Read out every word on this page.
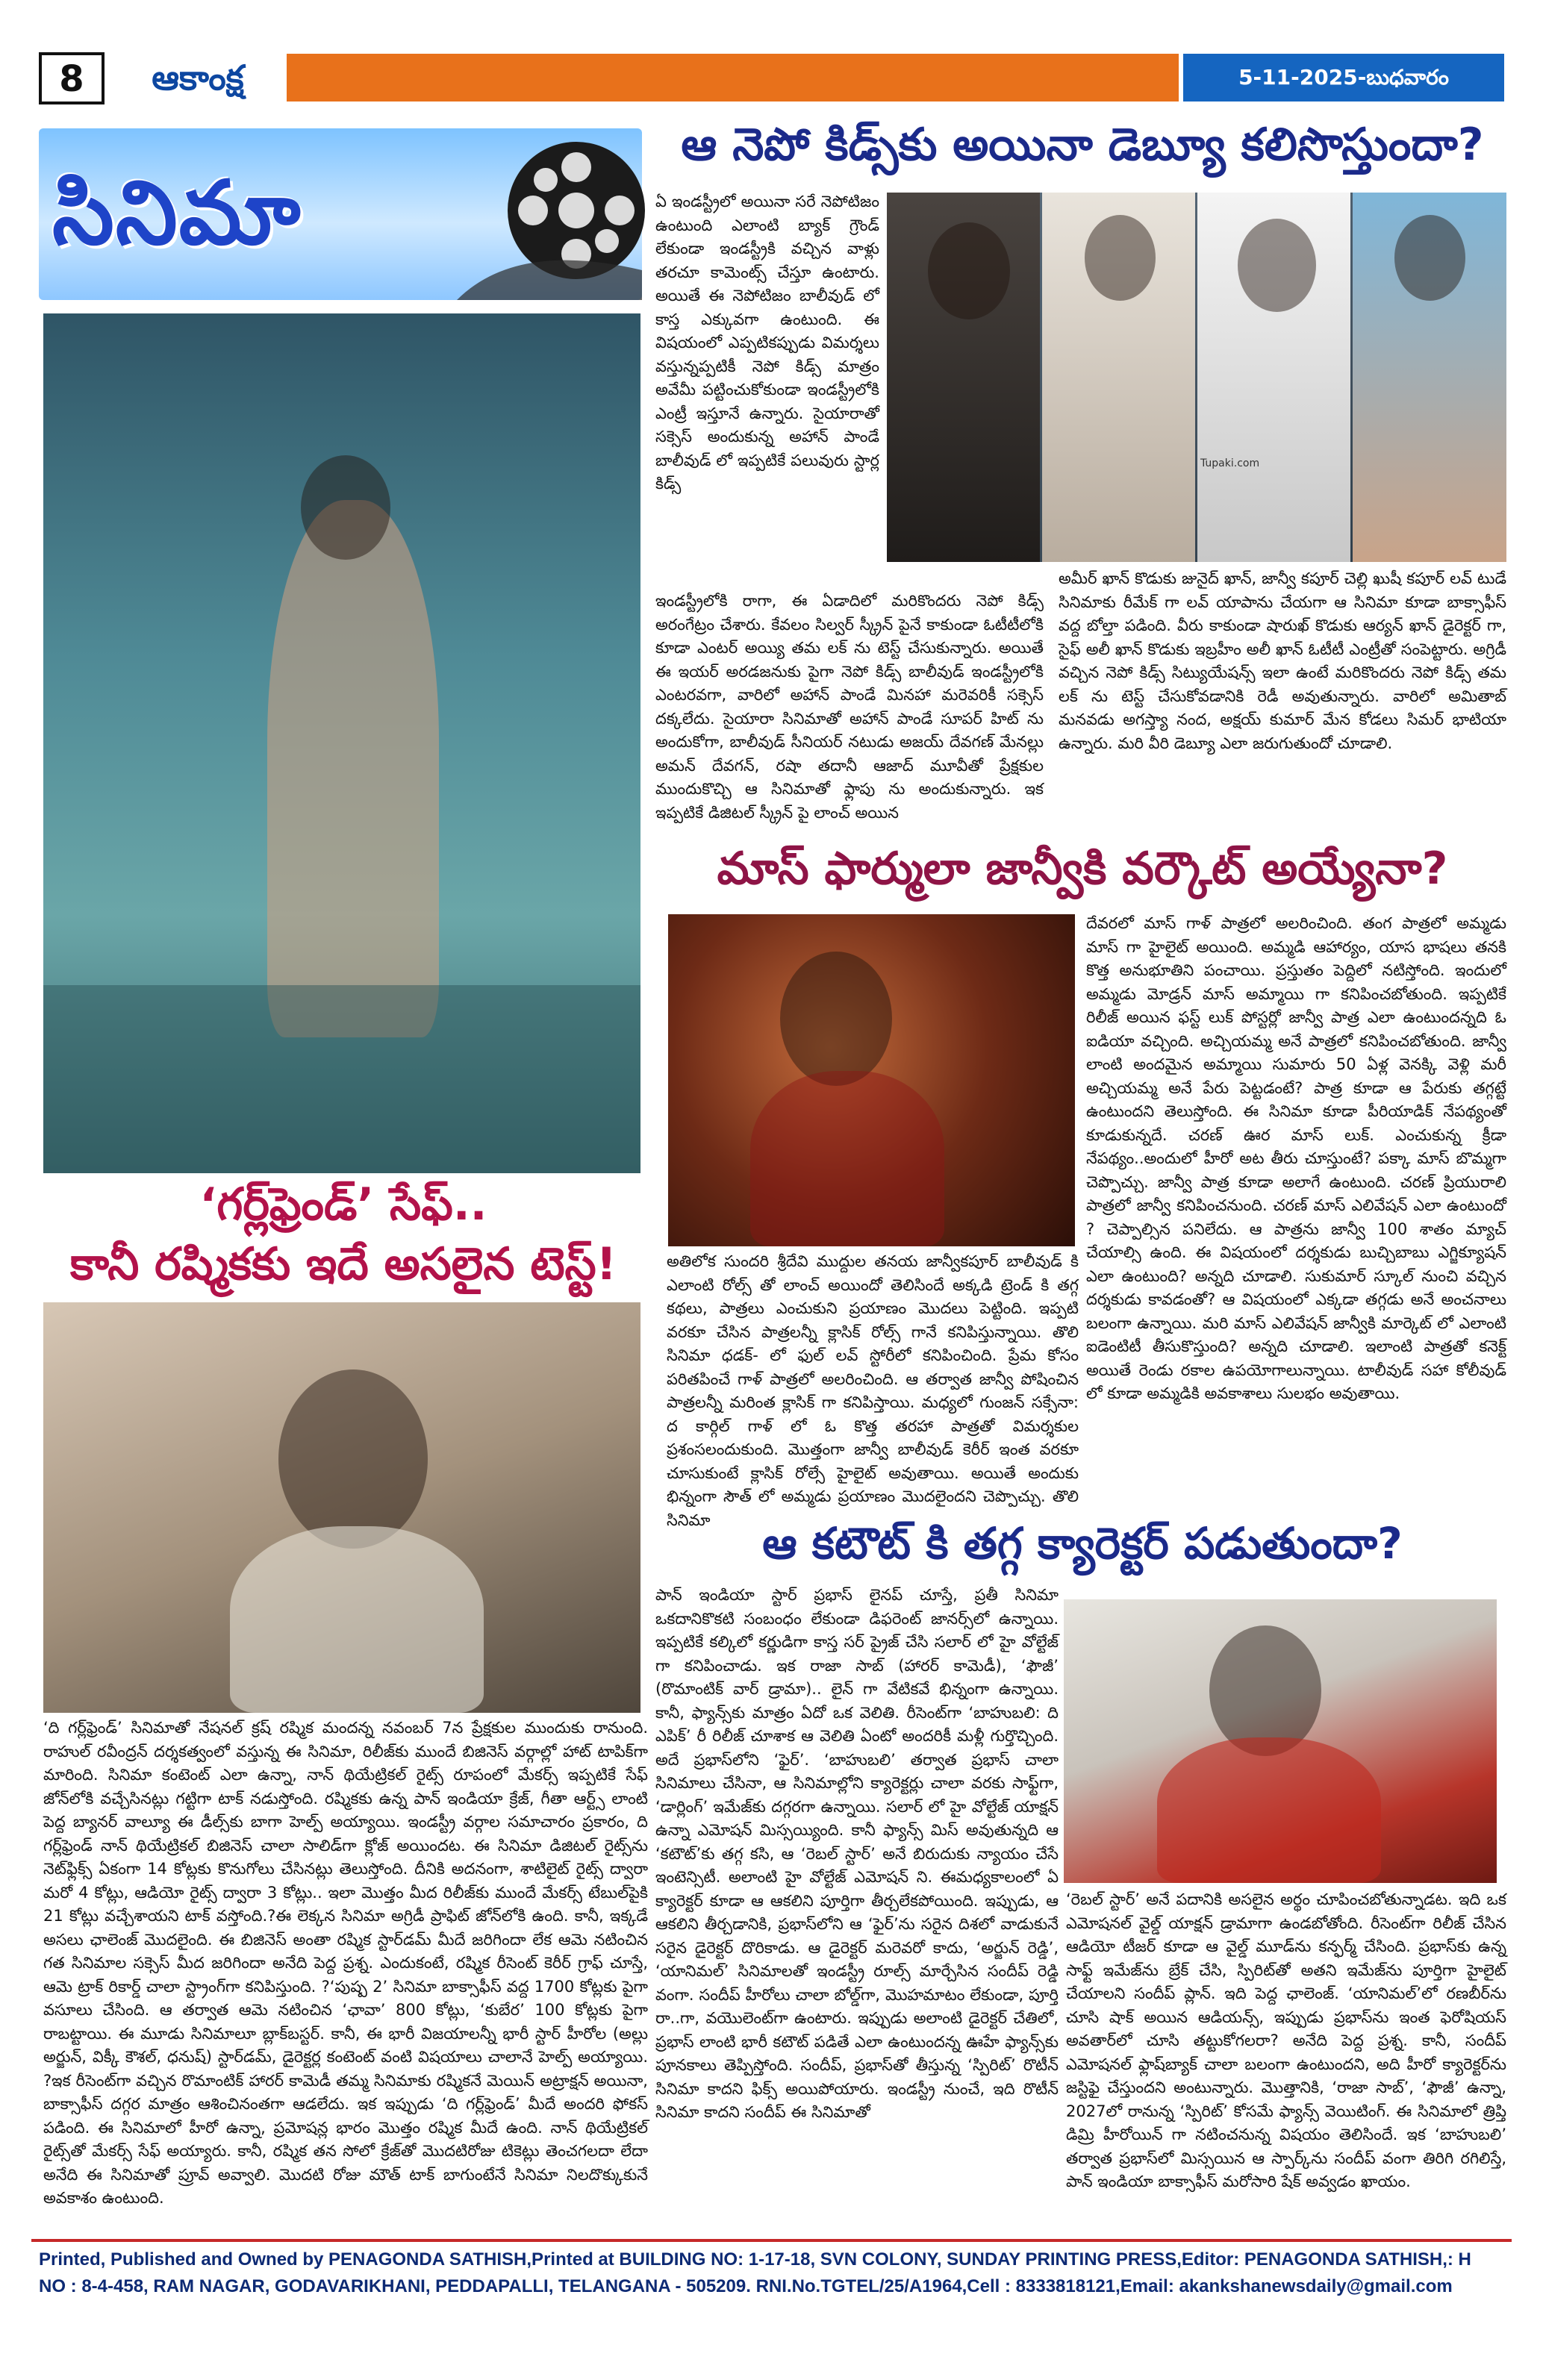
8	ఆకాంక్ష	5-11-2025-బుధవారం
సినిమా
ఆ నెపో కిడ్స్‌కు అయినా డెబ్యూ కలిసొస్తుందా?
ఏ ఇండస్ట్రీలో అయినా సరే నెపోటిజం ఉంటుంది ఎలాంటి బ్యాక్ గ్రౌండ్ లేకుండా ఇండస్ట్రీకి వచ్చిన వాళ్లు తరచూ కామెంట్స్ చేస్తూ ఉంటారు. అయితే ఈ నెపోటిజం బాలీవుడ్ లో కాస్త ఎక్కువగా ఉంటుంది. ఈ విషయంలో ఎప్పటికప్పుడు విమర్శలు వస్తున్నప్పటికీ నెపో కిడ్స్ మాత్రం అవేమీ పట్టించుకోకుండా ఇండస్ట్రీలోకి ఎంట్రీ ఇస్తూనే ఉన్నారు. సైయారాతో సక్సెస్ అందుకున్న అహాన్ పాండే బాలీవుడ్ లో ఇప్పటికే పలువురు స్టార్ల కిడ్స్
Tupaki.com
ఇండస్ట్రీలోకి రాగా, ఈ ఏడాదిలో మరికొందరు నెపో కిడ్స్ అరంగేట్రం చేశారు. కేవలం సిల్వర్ స్క్రీన్ పైనే కాకుండా ఓటీటీలోకి కూడా ఎంటర్ అయ్యి తమ లక్ ను టెస్ట్ చేసుకున్నారు. అయితే ఈ ఇయర్ అరడజనుకు పైగా నెపో కిడ్స్ బాలీవుడ్ ఇండస్ట్రీలోకి ఎంటరవగా, వారిలో అహాన్ పాండే మినహా మరెవరికీ సక్సెస్ దక్కలేదు. సైయారా సినిమాతో అహాన్ పాండే సూపర్ హిట్ ను అందుకోగా, బాలీవుడ్ సీనియర్ నటుడు అజయ్ దేవగణ్ మేనల్లు అమన్ దేవగన్, రషా తదానీ ఆజాద్ మూవీతో ప్రేక్షకుల ముందుకొచ్చి ఆ సినిమాతో ఫ్లాపు ను అందుకున్నారు. ఇక ఇప్పటికే డిజిటల్ స్క్రీన్ పై లాంచ్ అయిన
అమీర్ ఖాన్ కొడుకు జునైద్ ఖాన్, జాన్వీ కపూర్ చెల్లి ఖుషీ కపూర్ లవ్ టుడే సినిమాకు రీమేక్ గా లవ్ యాపాను చేయగా ఆ సినిమా కూడా బాక్సాఫీస్ వద్ద బోల్తా పడింది. వీరు కాకుండా షారుఖ్ కొడుకు ఆర్యన్ ఖాన్ డైరెక్టర్ గా, సైఫ్ అలీ ఖాన్ కొడుకు ఇబ్రహీం అలీ ఖాన్ ఓటీటీ ఎంట్రీతో సంపెట్టారు. అగ్రిడీ వచ్చిన నెపో కిడ్స్ సిట్యుయేషన్స్ ఇలా ఉంటే మరికొందరు నెపో కిడ్స్ తమ లక్ ను టెస్ట్ చేసుకోవడానికి రెడీ అవుతున్నారు. వారిలో అమితాబ్ మనవడు అగస్త్యా నంద, అక్షయ్ కుమార్ మేన కోడలు సిమర్ భాటియా ఉన్నారు. మరి వీరి డెబ్యూ ఎలా జరుగుతుందో చూడాలి.
మాస్ ఫార్ములా జాన్వీకి వర్కౌట్ అయ్యేనా?
అతిలోక సుందరి శ్రీదేవి ముద్దుల తనయ జాన్వీకపూర్ బాలీవుడ్ కి ఎలాంటి రోల్స్ తో లాంచ్ అయిందో తెలిసిందే అక్కడి ట్రెండ్ కి తగ్గ కథలు, పాత్రలు ఎంచుకుని ప్రయాణం మొదలు పెట్టింది. ఇప్పటి వరకూ చేసిన పాత్రలన్నీ క్లాసిక్ రోల్స్ గానే కనిపిస్తున్నాయి. తొలి సినిమా ధడక్- లో ఫుల్ లవ్ స్టోరీలో కనిపించింది. ప్రేమ కోసం పరితపించే గాళ్ పాత్రలో అలరించింది. ఆ తర్వాత జాన్వీ పోషించిన పాత్రలన్నీ మరింత క్లాసిక్ గా కనిపిస్తాయి. మధ్యలో గుంజన్ సక్సేనా: ద కార్గిల్ గాళ్ లో ఓ కొత్త తరహా పాత్రతో విమర్శకుల ప్రశంసలందుకుంది. మొత్తంగా జాన్వీ బాలీవుడ్ కెరీర్ ఇంత వరకూ చూసుకుంటే క్లాసిక్ రోల్సే హైలైట్ అవుతాయి. అయితే అందుకు భిన్నంగా సౌత్ లో అమ్మడు ప్రయాణం మొదలైందని చెప్పొచ్చు. తొలి సినిమా
దేవరలో మాస్ గాళ్ పాత్రలో అలరించింది. తంగ పాత్రలో అమ్మడు మాస్ గా హైలైట్ అయింది. అమ్మడి ఆహార్యం, యాస భాషలు తనకి కొత్త అనుభూతిని పంచాయి. ప్రస్తుతం పెద్దిలో నటిస్తోంది. ఇందులో అమ్మడు మోడ్రన్ మాస్ అమ్మాయి గా కనిపించబోతుంది. ఇప్పటికే రిలీజ్ అయిన ఫస్ట్ లుక్ పోస్టర్లో జాన్వీ పాత్ర ఎలా ఉంటుందన్నది ఓ ఐడియా వచ్చింది. అచ్చియమ్మ అనే పాత్రలో కనిపించబోతుంది. జాన్వీ లాంటి అందమైన అమ్మాయి సుమారు 50 ఏళ్ల వెనక్కి వెళ్లి మరీ అచ్చియమ్మ అనే పేరు పెట్టడంటే? పాత్ర కూడా ఆ పేరుకు తగ్గట్టే ఉంటుందని తెలుస్తోంది. ఈ సినిమా కూడా పీరియాడిక్ నేపథ్యంతో కూడుకున్నదే. చరణ్ ఊర మాస్ లుక్. ఎంచుకున్న క్రీడా నేపథ్యం..అందులో హీరో అట తీరు చూస్తుంటే? పక్కా మాస్ బొమ్మగా చెప్పొచ్చు. జాన్వీ పాత్ర కూడా అలాగే ఉంటుంది. చరణ్ ప్రియురాలి పాత్రలో జాన్వీ కనిపించనుంది. చరణ్ మాస్ ఎలివేషన్ ఎలా ఉంటుందో ? చెప్పాల్సిన పనిలేదు. ఆ పాత్రను జాన్వీ 100 శాతం మ్యాచ్ చేయాల్సి ఉంది. ఈ విషయంలో దర్శకుడు బుచ్చిబాబు ఎగ్జిక్యూషన్ ఎలా ఉంటుంది? అన్నది చూడాలి. సుకుమార్ స్కూల్ నుంచి వచ్చిన దర్శకుడు కావడంతో? ఆ విషయంలో ఎక్కడా తగ్గడు అనే అంచనాలు బలంగా ఉన్నాయి. మరి మాస్ ఎలివేషన్ జాన్వీకి మార్కెట్ లో ఎలాంటి ఐడెంటిటీ తీసుకొస్తుంది? అన్నది చూడాలి. ఇలాంటి పాత్రతో కనెక్ట్ అయితే రెండు రకాల ఉపయోగాలున్నాయి. టాలీవుడ్ సహా కోలీవుడ్ లో కూడా అమ్మడికి అవకాశాలు సులభం అవుతాయి.
‘గర్ల్‌ఫ్రెండ్’ సేఫ్..
కానీ రష్మికకు ఇదే అసలైన టెస్ట్!
‘ది గర్ల్‌ఫ్రెండ్’ సినిమాతో నేషనల్ క్రష్ రష్మిక మందన్న నవంబర్ 7న ప్రేక్షకుల ముందుకు రానుంది. రాహుల్ రవీంద్రన్ దర్శకత్వంలో వస్తున్న ఈ సినిమా, రిలీజ్‌కు ముందే బిజినెస్ వర్గాల్లో హాట్ టాపిక్‌గా మారింది. సినిమా కంటెంట్ ఎలా ఉన్నా, నాన్ థియేట్రికల్ రైట్స్ రూపంలో మేకర్స్ ఇప్పటికే సేఫ్ జోన్‌లోకి వచ్చేసినట్లు గట్టిగా టాక్ నడుస్తోంది. రష్మికకు ఉన్న పాన్ ఇండియా క్రేజ్, గీతా ఆర్ట్స్ లాంటి పెద్ద బ్యానర్ వాల్యూ ఈ డీల్స్‌కు బాగా హెల్ప్ అయ్యాయి. ఇండస్ట్రీ వర్గాల సమాచారం ప్రకారం, ది గర్ల్‌ఫ్రెండ్ నాన్ థియేట్రికల్ బిజినెస్ చాలా సాలిడ్‌గా క్లోజ్ అయిందట. ఈ సినిమా డిజిటల్ రైట్స్‌ను నెట్‌ఫ్లిక్స్ ఏకంగా 14 కోట్లకు కొనుగోలు చేసినట్లు తెలుస్తోంది. దీనికి అదనంగా, శాటిలైట్ రైట్స్ ద్వారా మరో 4 కోట్లు, ఆడియో రైట్స్ ద్వారా 3 కోట్లు.. ఇలా మొత్తం మీద రిలీజ్‌కు ముందే మేకర్స్ టేబుల్‌పైకి 21 కోట్లు వచ్చేశాయని టాక్ వస్తోంది.?ఈ లెక్కన సినిమా అగ్రిడీ ప్రాఫిట్ జోన్‌లోకి ఉంది. కానీ, ఇక్కడే అసలు ఛాలెంజ్ మొదలైంది. ఈ బిజినెస్ అంతా రష్మిక స్టార్‌డమ్ మీదే జరిగిందా లేక ఆమె నటించిన గత సినిమాల సక్సెస్ మీద జరిగిందా అనేది పెద్ద ప్రశ్న. ఎందుకంటే, రష్మిక రీసెంట్ కెరీర్ గ్రాఫ్ చూస్తే, ఆమె ట్రాక్ రికార్డ్ చాలా స్ట్రాంగ్‌గా కనిపిస్తుంది. ?‘పుష్ప 2’ సినిమా బాక్సాఫీస్ వద్ద 1700 కోట్లకు పైగా వసూలు చేసింది. ఆ తర్వాత ఆమె నటించిన ‘ఛావా’ 800 కోట్లు, ‘కుబేర’ 100 కోట్లకు పైగా రాబట్టాయి. ఈ మూడు సినిమాలూ బ్లాక్‌బస్టర్. కానీ, ఈ భారీ విజయాలన్నీ భారీ స్టార్ హీరోల (అల్లు అర్జున్, విక్కీ కౌశల్, ధనుష్) స్టార్‌డమ్, డైరెక్టర్ల కంటెంట్ వంటి విషయాలు చాలానే హెల్ప్ అయ్యాయి. ?ఇక రీసెంట్‌గా వచ్చిన రొమాంటిక్ హారర్ కామెడీ తమ్మ సినిమాకు రష్మికనే మెయిన్ అట్రాక్షన్ అయినా, బాక్సాఫీస్ దగ్గర మాత్రం ఆశించినంతగా ఆడలేదు. ఇక ఇప్పుడు ‘ది గర్ల్‌ఫ్రెండ్’ మీదే అందరి ఫోకస్ పడింది. ఈ సినిమాలో హీరో ఉన్నా, ప్రమోషన్ల భారం మొత్తం రష్మిక మీదే ఉంది. నాన్ థియేట్రికల్ రైట్స్‌తో మేకర్స్ సేఫ్ అయ్యారు. కానీ, రష్మిక తన సోలో క్రేజ్‌తో మొదటిరోజు టికెట్లు తెంచగలదా లేదా అనేది ఈ సినిమాతో ప్రూవ్ అవ్వాలి. మొదటి రోజు మౌత్ టాక్ బాగుంటేనే సినిమా నిలదొక్కుకునే అవకాశం ఉంటుంది.
ఆ కటౌట్ కి తగ్గ క్యారెక్టర్ పడుతుందా?
పాన్ ఇండియా స్టార్ ప్రభాస్ లైనప్ చూస్తే, ప్రతీ సినిమా ఒకదానికొకటి సంబంధం లేకుండా డిఫరెంట్ జానర్స్‌లో ఉన్నాయి. ఇప్పటికే కల్కిలో కర్ణుడిగా కాస్త సర్ ప్రైజ్ చేసి సలార్ లో హై వోల్టేజ్ గా కనిపించాడు. ఇక రాజా సాబ్ (హారర్ కామెడీ), ‘ఫౌజీ’ (రొమాంటిక్ వార్ డ్రామా).. లైన్ గా వేటికవే భిన్నంగా ఉన్నాయి. కానీ, ఫ్యాన్స్‌కు మాత్రం ఏదో ఒక వెలితి. రీసెంట్‌గా ‘బాహుబలి: ది ఎపిక్’ రీ రిలీజ్ చూశాక ఆ వెలితి ఏంటో అందరికీ మళ్లీ గుర్తొచ్చింది. అదే ప్రభాస్‌లోని ‘ఫైర్’. ‘బాహుబలి’ తర్వాత ప్రభాస్ చాలా సినిమాలు చేసినా, ఆ సినిమాల్లోని క్యారెక్టర్లు చాలా వరకు సాఫ్ట్‌గా, ‘డార్లింగ్’ ఇమేజ్‌కు దగ్గరగా ఉన్నాయి. సలార్ లో హై వోల్టేజ్ యాక్షన్ ఉన్నా ఎమోషన్ మిస్సయ్యింది. కానీ ఫ్యాన్స్ మిస్ అవుతున్నది ఆ ‘కటౌట్‌’కు తగ్గ కసి, ఆ ‘రెబల్ స్టార్’ అనే బిరుదుకు న్యాయం చేసే ఇంటెన్సిటీ. అలాంటి హై వోల్టేజ్ ఎమోషన్ ని. ఈమధ్యకాలంలో ఏ క్యారెక్టర్ కూడా ఆ ఆకలిని పూర్తిగా తీర్చలేకపోయింది. ఇప్పుడు, ఆ ఆకలిని తీర్చడానికి, ప్రభాస్‌లోని ఆ ‘ఫైర్’ను సరైన దిశలో వాడుకునే సరైన డైరెక్టర్ దొరికాడు. ఆ డైరెక్టర్ మరెవరో కాదు, ‘అర్జున్ రెడ్డి’, ‘యానిమల్’ సినిమాలతో ఇండస్ట్రీ రూల్స్ మార్చేసిన సందీప్ రెడ్డి వంగా. సందీప్ హీరోలు చాలా బోల్డ్‌గా, మొహమాటం లేకుండా, పూర్తి రా..గా, వయొలెంట్‌గా ఉంటారు. ఇప్పుడు అలాంటి డైరెక్టర్ చేతిలో, ప్రభాస్ లాంటి భారీ కటౌట్ పడితే ఎలా ఉంటుందన్న ఊహే ఫ్యాన్స్‌కు పూనకాలు తెప్పిస్తోంది. సందీప్, ప్రభాస్‌తో తీస్తున్న ‘స్పిరిట్’ రొటీన్ సినిమా కాదని ఫిక్స్ అయిపోయారు. ఇండస్ట్రీ నుంచే, ఇది రొటీన్ సినిమా కాదని సందీప్ ఈ సినిమాతో
‘రెబల్ స్టార్’ అనే పదానికి అసలైన అర్థం చూపించబోతున్నాడట. ఇది ఒక ఎమోషనల్ వైల్డ్ యాక్షన్ డ్రామాగా ఉండబోతోంది. రీసెంట్‌గా రిలీజ్ చేసిన ఆడియో టీజర్ కూడా ఆ వైల్డ్ మూడ్‌ను కన్ఫర్మ్ చేసింది. ప్రభాస్‌కు ఉన్న సాఫ్ట్ ఇమేజ్‌ను బ్రేక్ చేసి, స్పిరిట్‌తో అతని ఇమేజ్‌ను పూర్తిగా హైలైట్ చేయాలని సందీప్ ప్లాన్. ఇది పెద్ద ఛాలెంజ్. ‘యానిమల్’లో రణబీర్‌ను చూసి షాక్ అయిన ఆడియన్స్, ఇప్పుడు ప్రభాస్‌ను ఇంత ఫెరోషియస్ అవతార్‌లో చూసి తట్టుకోగలరా? అనేది పెద్ద ప్రశ్న. కానీ, సందీప్ ఎమోషనల్ ఫ్లాష్‌బ్యాక్ చాలా బలంగా ఉంటుందని, అది హీరో క్యారెక్టర్‌ను జస్టిఫై చేస్తుందని అంటున్నారు. మొత్తానికి, ‘రాజా సాబ్’, ‘ఫౌజీ’ ఉన్నా, 2027లో రానున్న ‘స్పిరిట్’ కోసమే ఫ్యాన్స్ వెయిటింగ్. ఈ సినిమాలో త్రిప్తి డిమ్రి హీరోయిన్ గా నటించనున్న విషయం తెలిసిందే. ఇక ‘బాహుబలి’ తర్వాత ప్రభాస్‌లో మిస్సయిన ఆ స్పార్క్‌ను సందీప్ వంగా తిరిగి రగిలిస్తే, పాన్ ఇండియా బాక్సాఫీస్ మరోసారి షేక్ అవ్వడం ఖాయం.
Printed, Published and Owned by PENAGONDA SATHISH,Printed at BUILDING NO: 1-17-18, SVN COLONY, SUNDAY PRINTING PRESS,Editor: PENAGONDA SATHISH,: H NO : 8-4-458, RAM NAGAR, GODAVARIKHANI, PEDDAPALLI, TELANGANA - 505209. RNI.No.TGTEL/25/A1964,Cell : 8333818121,Email: akankshanewsdaily@gmail.com
